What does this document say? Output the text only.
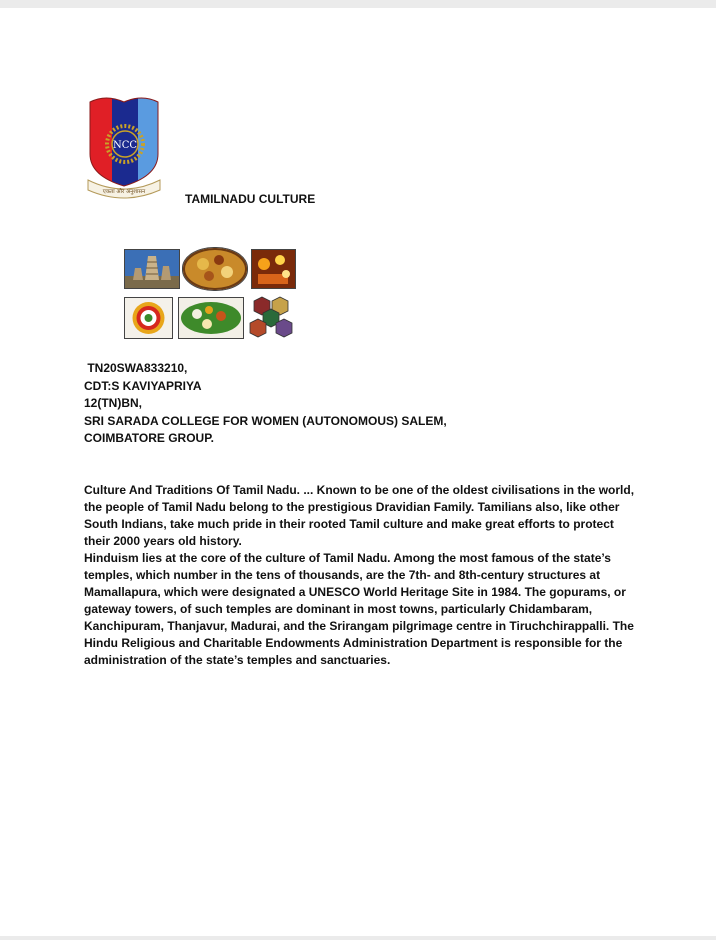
NCC
एकता और अनुशासन	TAMILNADU CULTURE
TN20SWA833210,
CDT:S KAVIYAPRIYA
12(TN)BN,
SRI SARADA COLLEGE FOR WOMEN (AUTONOMOUS) SALEM,
COIMBATORE GROUP.

Culture And Traditions Of Tamil Nadu. ... Known to be one of the oldest civilisations in the world, the people of Tamil Nadu belong to the prestigious Dravidian Family. Tamilians also, like other South Indians, take much pride in their rooted Tamil culture and make great efforts to protect their 2000 years old history.

Hinduism lies at the core of the culture of Tamil Nadu. Among the most famous of the state’s temples, which number in the tens of thousands, are the 7th- and 8th-century structures at Mamallapura, which were designated a UNESCO World Heritage Site in 1984. The gopurams, or gateway towers, of such temples are dominant in most towns, particularly Chidambaram, Kanchipuram, Thanjavur, Madurai, and the Srirangam pilgrimage centre in Tiruchchirappalli. The Hindu Religious and Charitable Endowments Administration Department is responsible for the administration of the state’s temples and sanctuaries.
